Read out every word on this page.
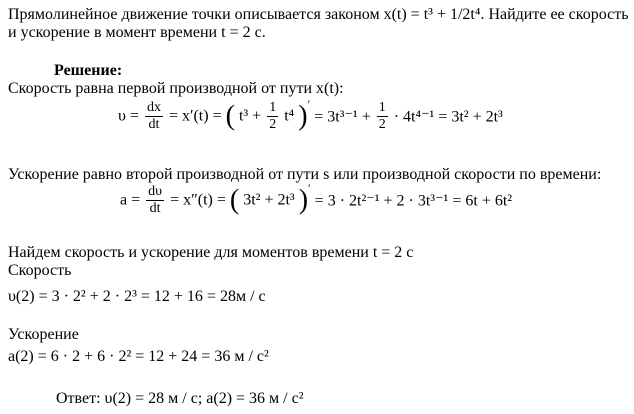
Прямолинейное движение точки описывается законом x(t) = t³ + 1/2t⁴. Найдите ее скорость
и ускорение в момент времени t = 2 с.
Решение:
Скорость равна первой производной от пути x(t):
$\upsilon = \frac{dx}{dt} = x'(t)$ = ( $t^3 + \frac{1}{2} t^4$ )$' = 3t^{3-1} + \frac{1}{2} \cdot 4t^{4-1} = 3t^2 + 2t^3$
Ускорение равно второй производной от пути s или производной скорости по времени:
$a = \frac{d\upsilon}{dt} = x''(t)$ = ( 3t² + 2t³ )′ = 3 · 2t²⁻¹ + 2 · 3t³⁻¹ = 6t + 6t²
Найдем скорость и ускорение для моментов времени t = 2 с
Скорость
υ(2) = 3 · 2² + 2 · 2³ = 12 + 16 = 28м / с
Ускорение
a(2) = 6 · 2 + 6 · 2² = 12 + 24 = 36 м / с²
Ответ: υ(2) = 28 м / с; a(2) = 36 м / с²
